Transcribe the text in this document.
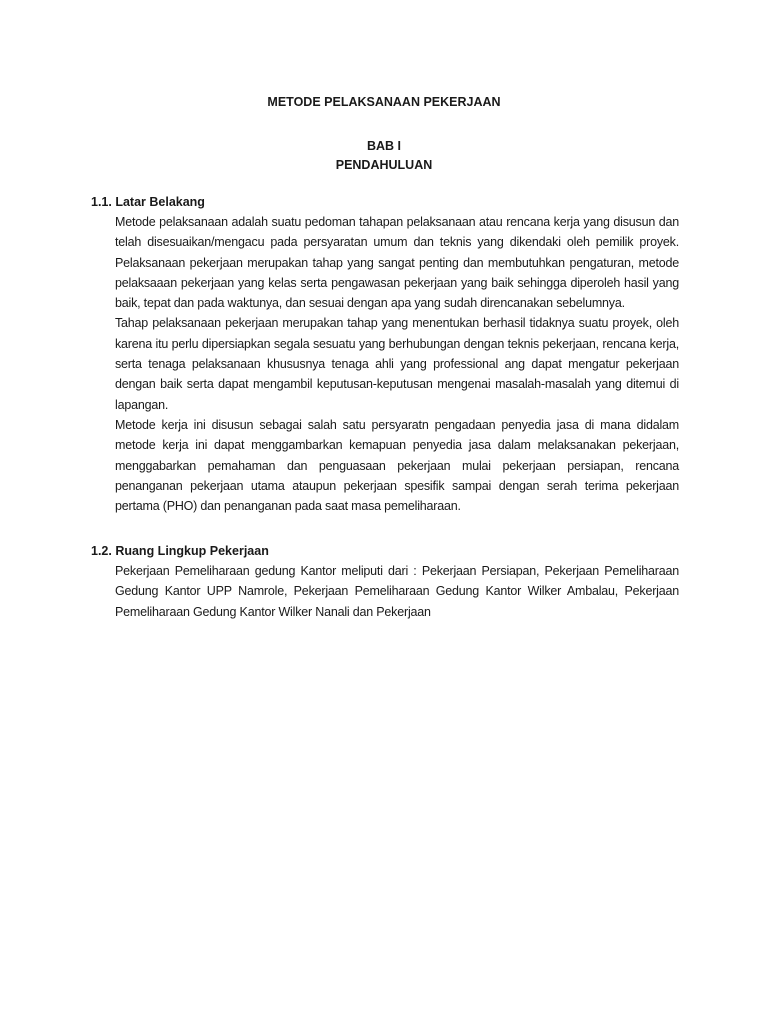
METODE PELAKSANAAN PEKERJAAN
BAB I
PENDAHULUAN
1.1. Latar Belakang
Metode pelaksanaan adalah suatu pedoman tahapan pelaksanaan atau rencana kerja yang disusun dan
telah disesuaikan/mengacu pada persyaratan umum dan teknis yang dikendaki oleh pemilik proyek.
Pelaksanaan pekerjaan merupakan tahap yang sangat penting dan membutuhkan pengaturan, metode
pelaksaaan pekerjaan yang kelas serta pengawasan pekerjaan yang baik sehingga diperoleh hasil yang
baik, tepat dan pada waktunya, dan sesuai dengan apa yang sudah direncanakan sebelumnya.
Tahap pelaksanaan pekerjaan merupakan tahap yang menentukan berhasil tidaknya suatu proyek, oleh
karena itu perlu dipersiapkan segala sesuatu yang berhubungan dengan teknis pekerjaan, rencana kerja,
serta tenaga pelaksanaan khususnya tenaga ahli yang professional ang dapat mengatur pekerjaan
dengan baik serta dapat mengambil keputusan-keputusan mengenai masalah-masalah yang ditemui di
lapangan.
Metode kerja ini disusun sebagai salah satu persyaratn pengadaan penyedia jasa di mana didalam
metode kerja ini dapat menggambarkan kemapuan penyedia jasa dalam melaksanakan pekerjaan,
menggabarkan pemahaman dan penguasaan pekerjaan mulai pekerjaan persiapan, rencana
penanganan pekerjaan utama ataupun pekerjaan spesifik sampai dengan serah terima pekerjaan
pertama (PHO) dan penanganan pada saat masa pemeliharaan.
1.2. Ruang Lingkup Pekerjaan
Pekerjaan Pemeliharaan gedung Kantor meliputi dari : Pekerjaan Persiapan, Pekerjaan Pemeliharaan
Gedung Kantor UPP Namrole, Pekerjaan Pemeliharaan Gedung Kantor Wilker Ambalau, Pekerjaan
Pemeliharaan Gedung Kantor Wilker Nanali dan Pekerjaan
